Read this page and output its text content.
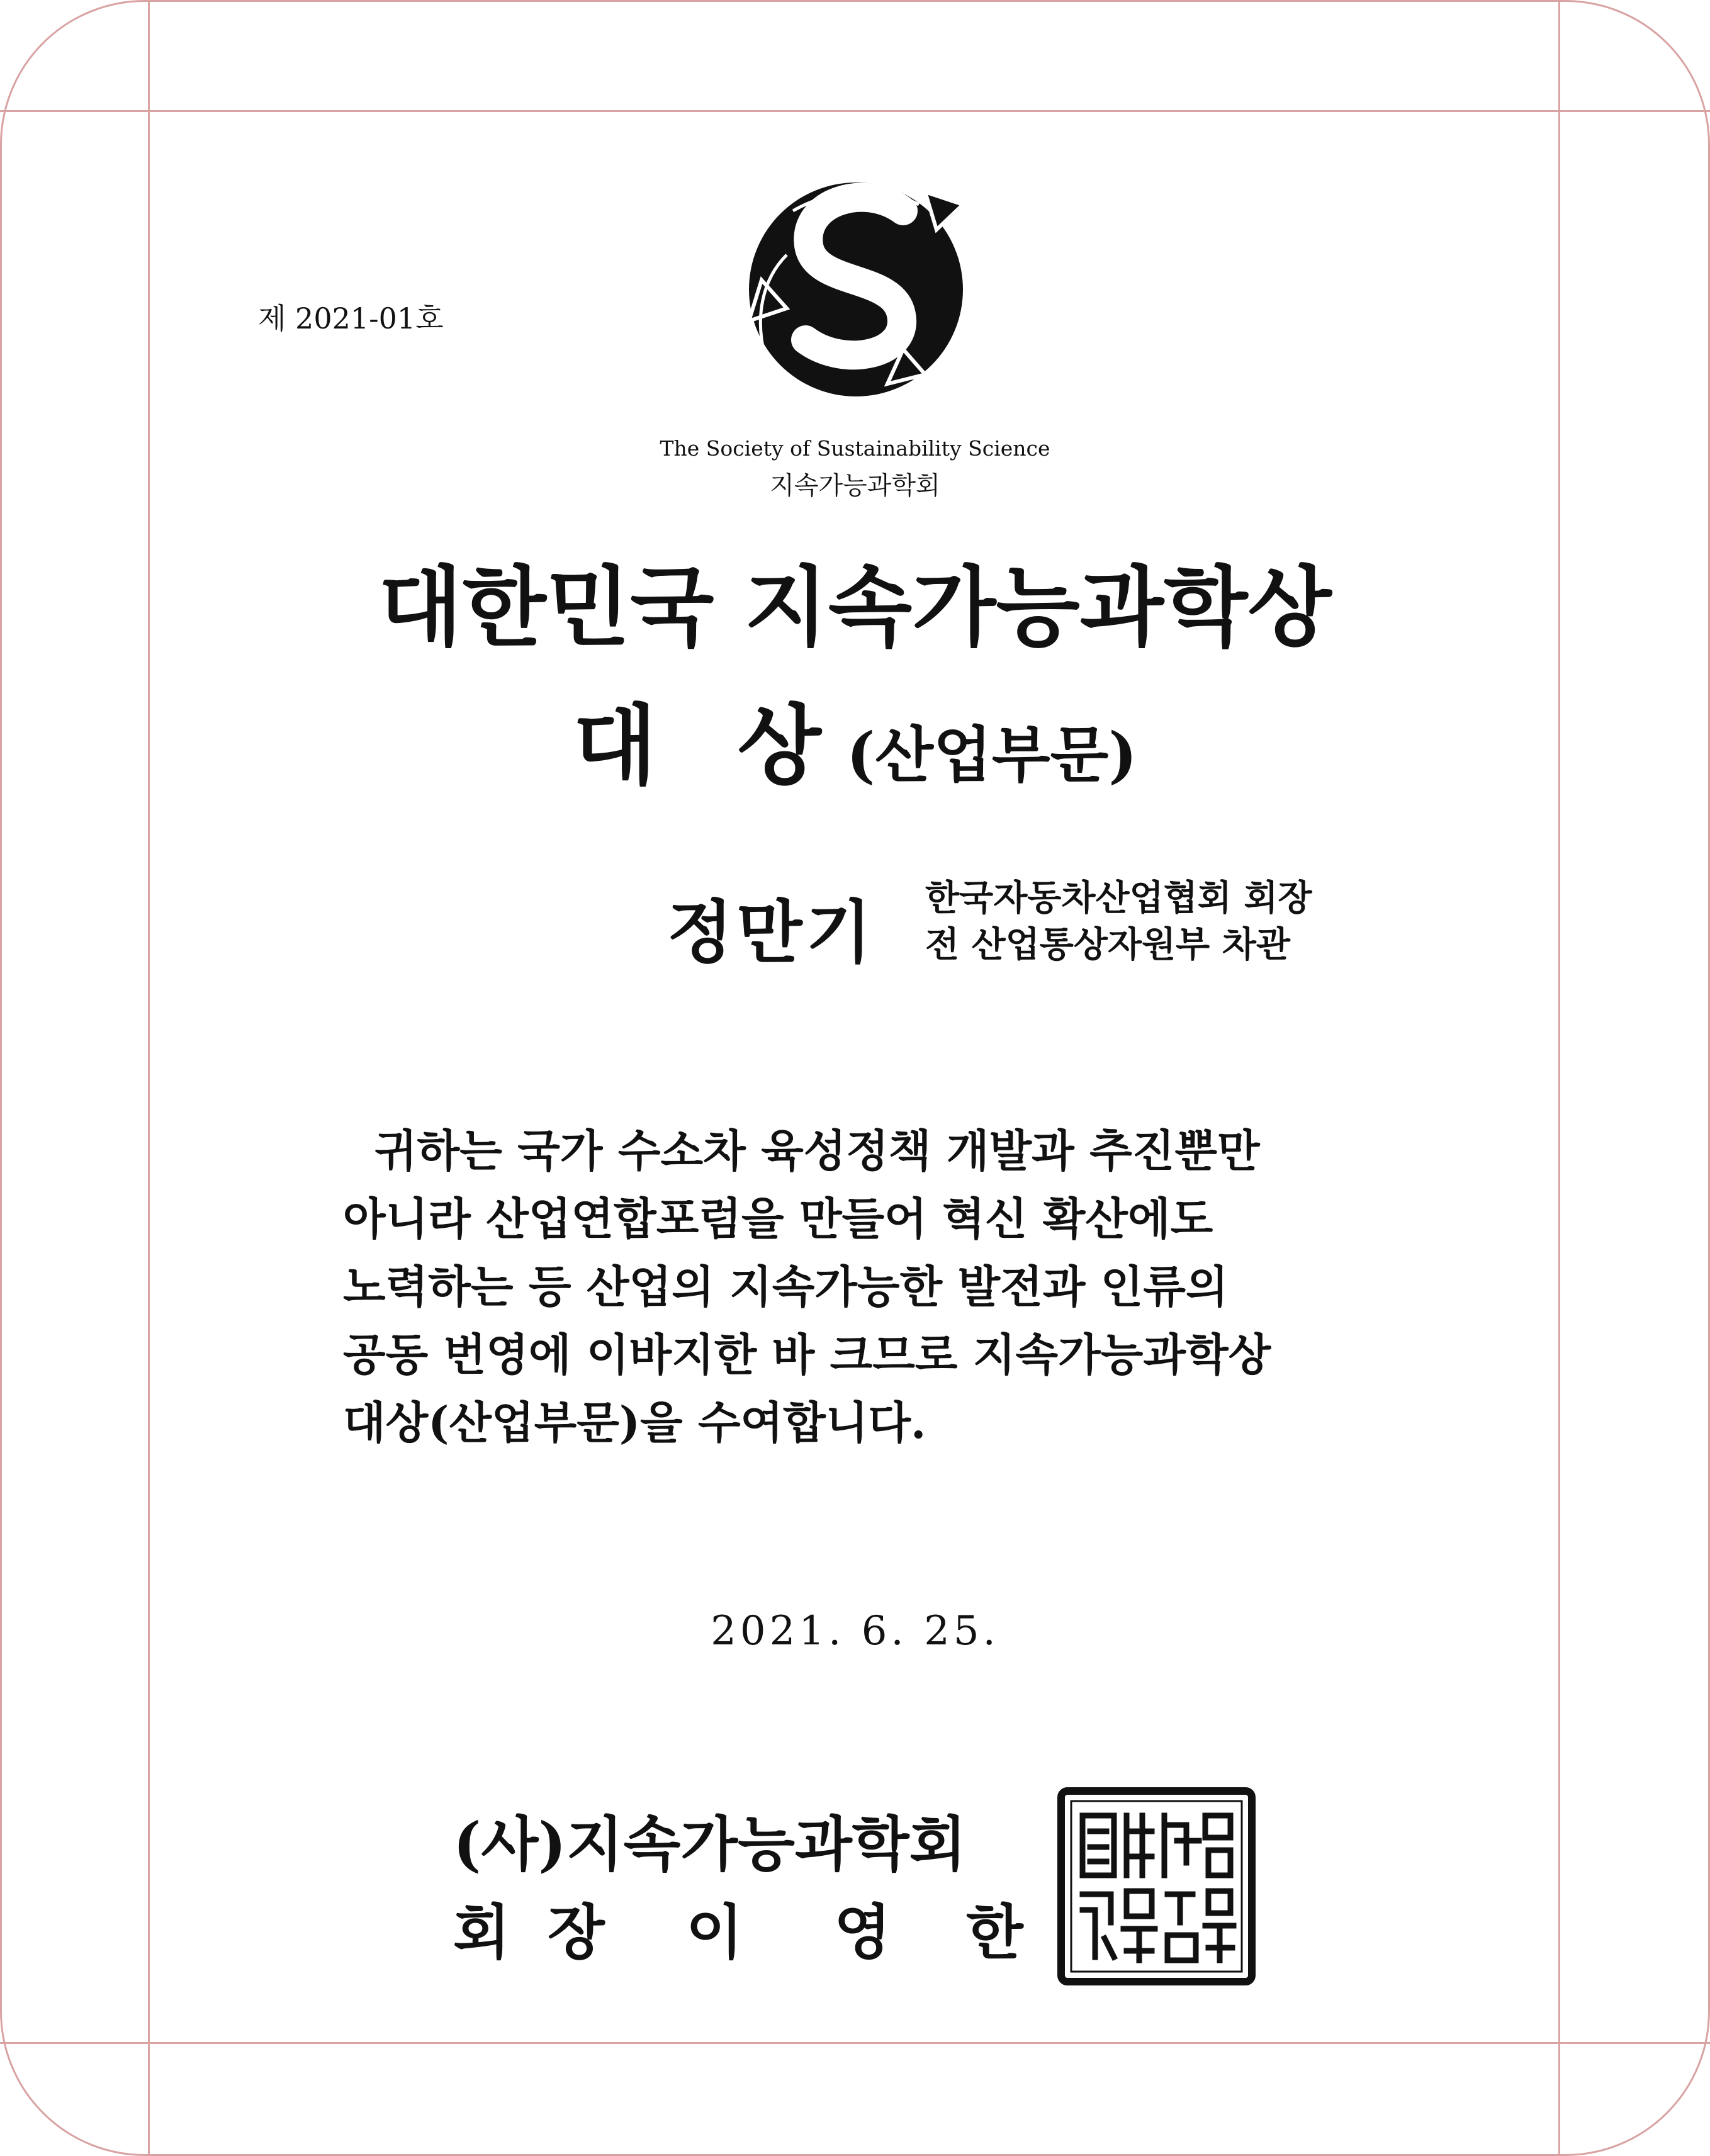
제 2021-01호
The Society of Sustainability Science
지속가능과학회
대한민국 지속가능과학상
대 상(산업부문)
정만기 한국자동차산업협회 회장
전 산업통상자원부 차관
귀하는 국가 수소차 육성정책 개발과 추진뿐만
아니라 산업연합포럼을 만들어 혁신 확산에도
노력하는 등 산업의 지속가능한 발전과 인류의
공동 번영에 이바지한 바 크므로 지속가능과학상
대상(산업부문)을 수여합니다.
2021. 6. 25.
(사)지속가능과학회
회 장 이 영 한
